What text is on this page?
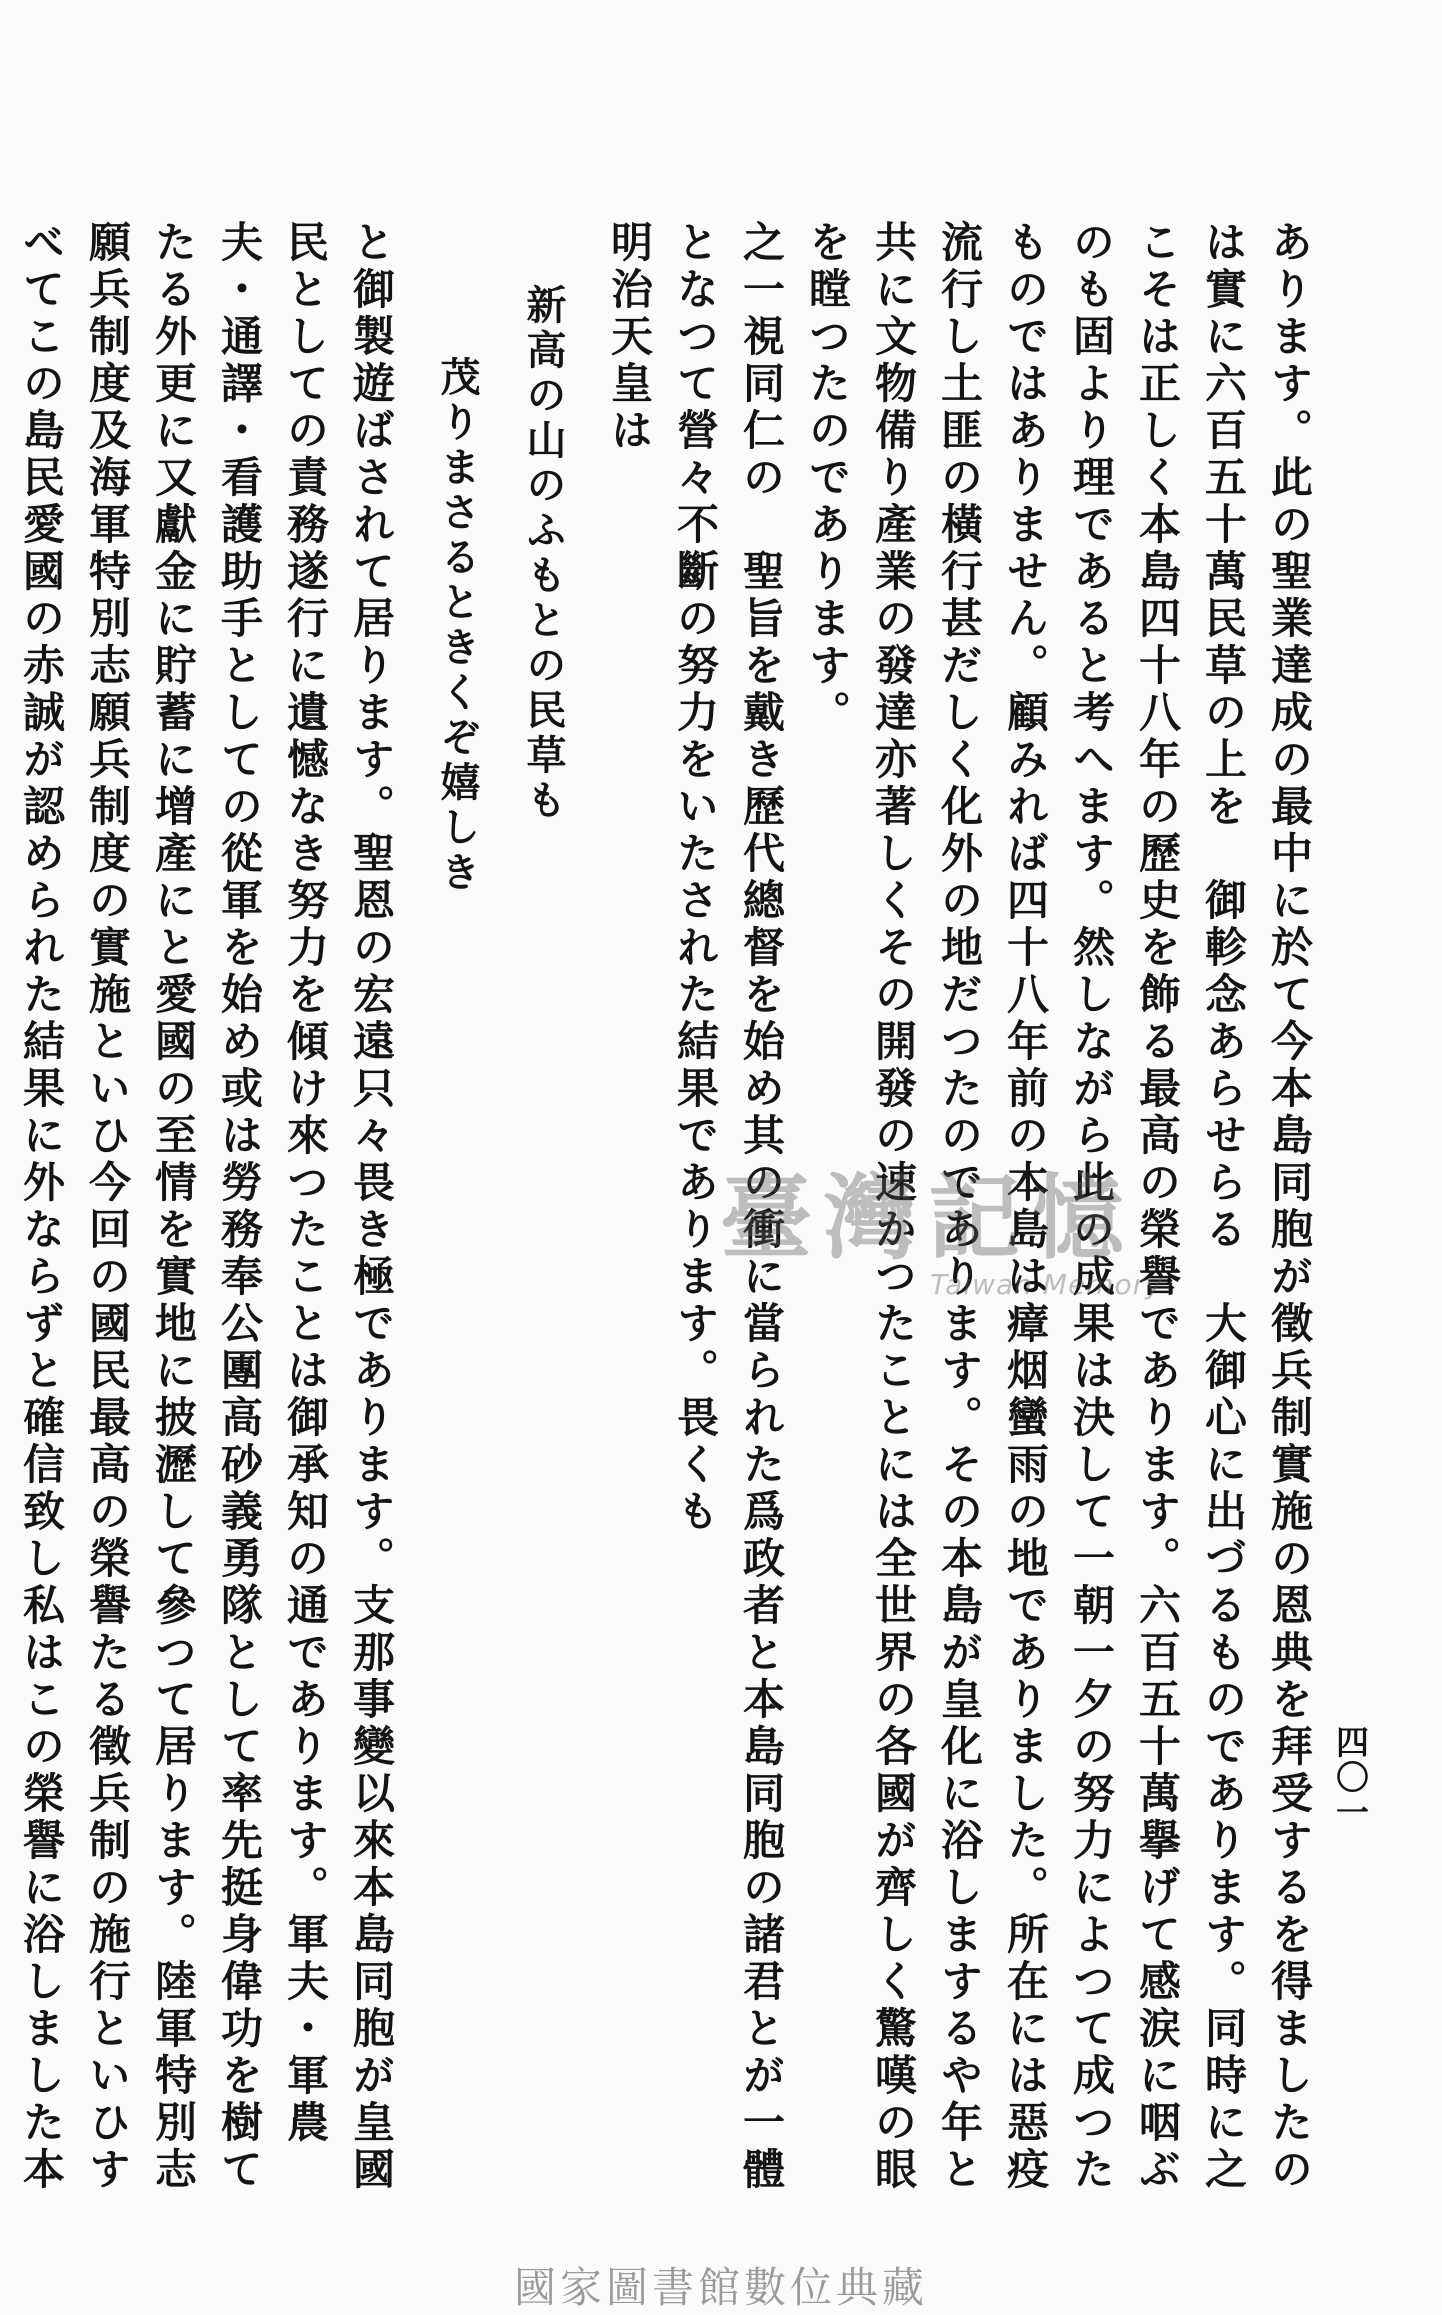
四〇一

あります。此の聖業達成の最中に於て今本島同胞が徵兵制實施の恩典を拜受するを得ましたのは實に六百五十萬民草の上を　御軫念あらせらる　大御心に出づるものであります。同時に之こそは正しく本島四十八年の歷史を飾る最高の榮譽であります。六百五十萬擧げて感涙に咽ぶのも固より理であると考へます。然しながら此の成果は決して一朝一夕の努力によつて成つたものではありません。顧みれば四十八年前の本島は瘴烟蠻雨の地でありました。所在には惡疫流行し土匪の橫行甚だしく化外の地だつたのであります。その本島が皇化に浴しまするや年と共に文物備り產業の發達亦著しくその開發の速かつたことには全世界の各國が齊しく驚嘆の眼を瞠つたのであります。

之一視同仁の　聖旨を戴き歷代總督を始め其の衝に當られた爲政者と本島同胞の諸君とが一體となつて營々不斷の努力をいたされた結果であります。畏くも

明治天皇は

新高の山のふもとの民草も

茂りまさるときくぞ嬉しき

と御製遊ばされて居ります。聖恩の宏遠只々畏き極であります。支那事變以來本島同胞が皇國民としての責務遂行に遺憾なき努力を傾け來つたことは御承知の通であります。軍夫・軍農夫・通譯・看護助手としての從軍を始め或は勞務奉公團高砂義勇隊として率先挺身偉功を樹てたる外更に又獻金に貯蓄に增產にと愛國の至情を實地に披瀝して參つて居ります。陸軍特別志願兵制度及海軍特別志願兵制度の實施といひ今回の國民最高の榮譽たる徵兵制の施行といひすべてこの島民愛國の赤誠が認められた結果に外ならずと確信致し私はこの榮譽に浴しました本

臺灣記憶
Taiwan Memory
國家圖書館數位典藏
